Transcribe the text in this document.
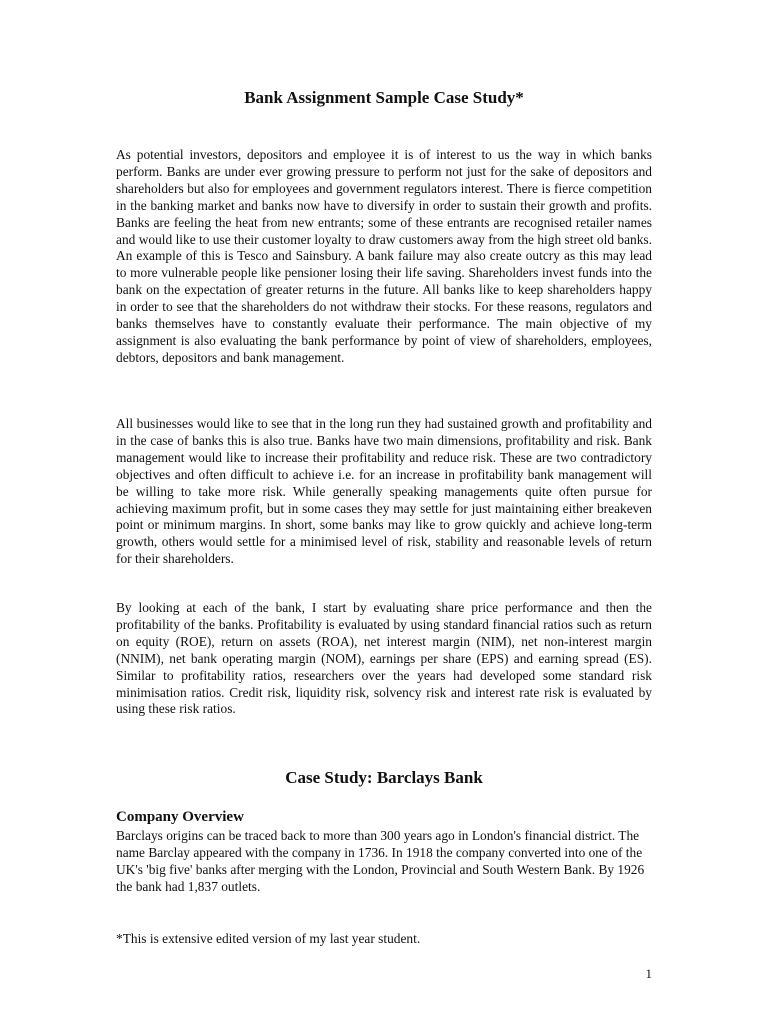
Bank Assignment Sample Case Study*

As potential investors, depositors and employee it is of interest to us the way in which banks perform. Banks are under ever growing pressure to perform not just for the sake of depositors and shareholders but also for employees and government regulators interest. There is fierce competition in the banking market and banks now have to diversify in order to sustain their growth and profits. Banks are feeling the heat from new entrants; some of these entrants are recognised retailer names and would like to use their customer loyalty to draw customers away from the high street old banks. An example of this is Tesco and Sainsbury. A bank failure may also create outcry as this may lead to more vulnerable people like pensioner losing their life saving. Shareholders invest funds into the bank on the expectation of greater returns in the future. All banks like to keep shareholders happy in order to see that the shareholders do not withdraw their stocks. For these reasons, regulators and banks themselves have to constantly evaluate their performance. The main objective of my assignment is also evaluating the bank performance by point of view of shareholders, employees, debtors, depositors and bank management.

All businesses would like to see that in the long run they had sustained growth and profitability and in the case of banks this is also true. Banks have two main dimensions, profitability and risk. Bank management would like to increase their profitability and reduce risk. These are two contradictory objectives and often difficult to achieve i.e. for an increase in profitability bank management will be willing to take more risk. While generally speaking managements quite often pursue for achieving maximum profit, but in some cases they may settle for just maintaining either breakeven point or minimum margins. In short, some banks may like to grow quickly and achieve long-term growth, others would settle for a minimised level of risk, stability and reasonable levels of return for their shareholders.

By looking at each of the bank, I start by evaluating share price performance and then the profitability of the banks. Profitability is evaluated by using standard financial ratios such as return on equity (ROE), return on assets (ROA), net interest margin (NIM), net non-interest margin (NNIM), net bank operating margin (NOM), earnings per share (EPS) and earning spread (ES). Similar to profitability ratios, researchers over the years had developed some standard risk minimisation ratios. Credit risk, liquidity risk, solvency risk and interest rate risk is evaluated by using these risk ratios.

Case Study: Barclays Bank
Company Overview

Barclays origins can be traced back to more than 300 years ago in London's financial district. The name Barclay appeared with the company in 1736. In 1918 the company converted into one of the UK's 'big five' banks after merging with the London, Provincial and South Western Bank. By 1926 the bank had 1,837 outlets.

*This is extensive edited version of my last year student.

1
